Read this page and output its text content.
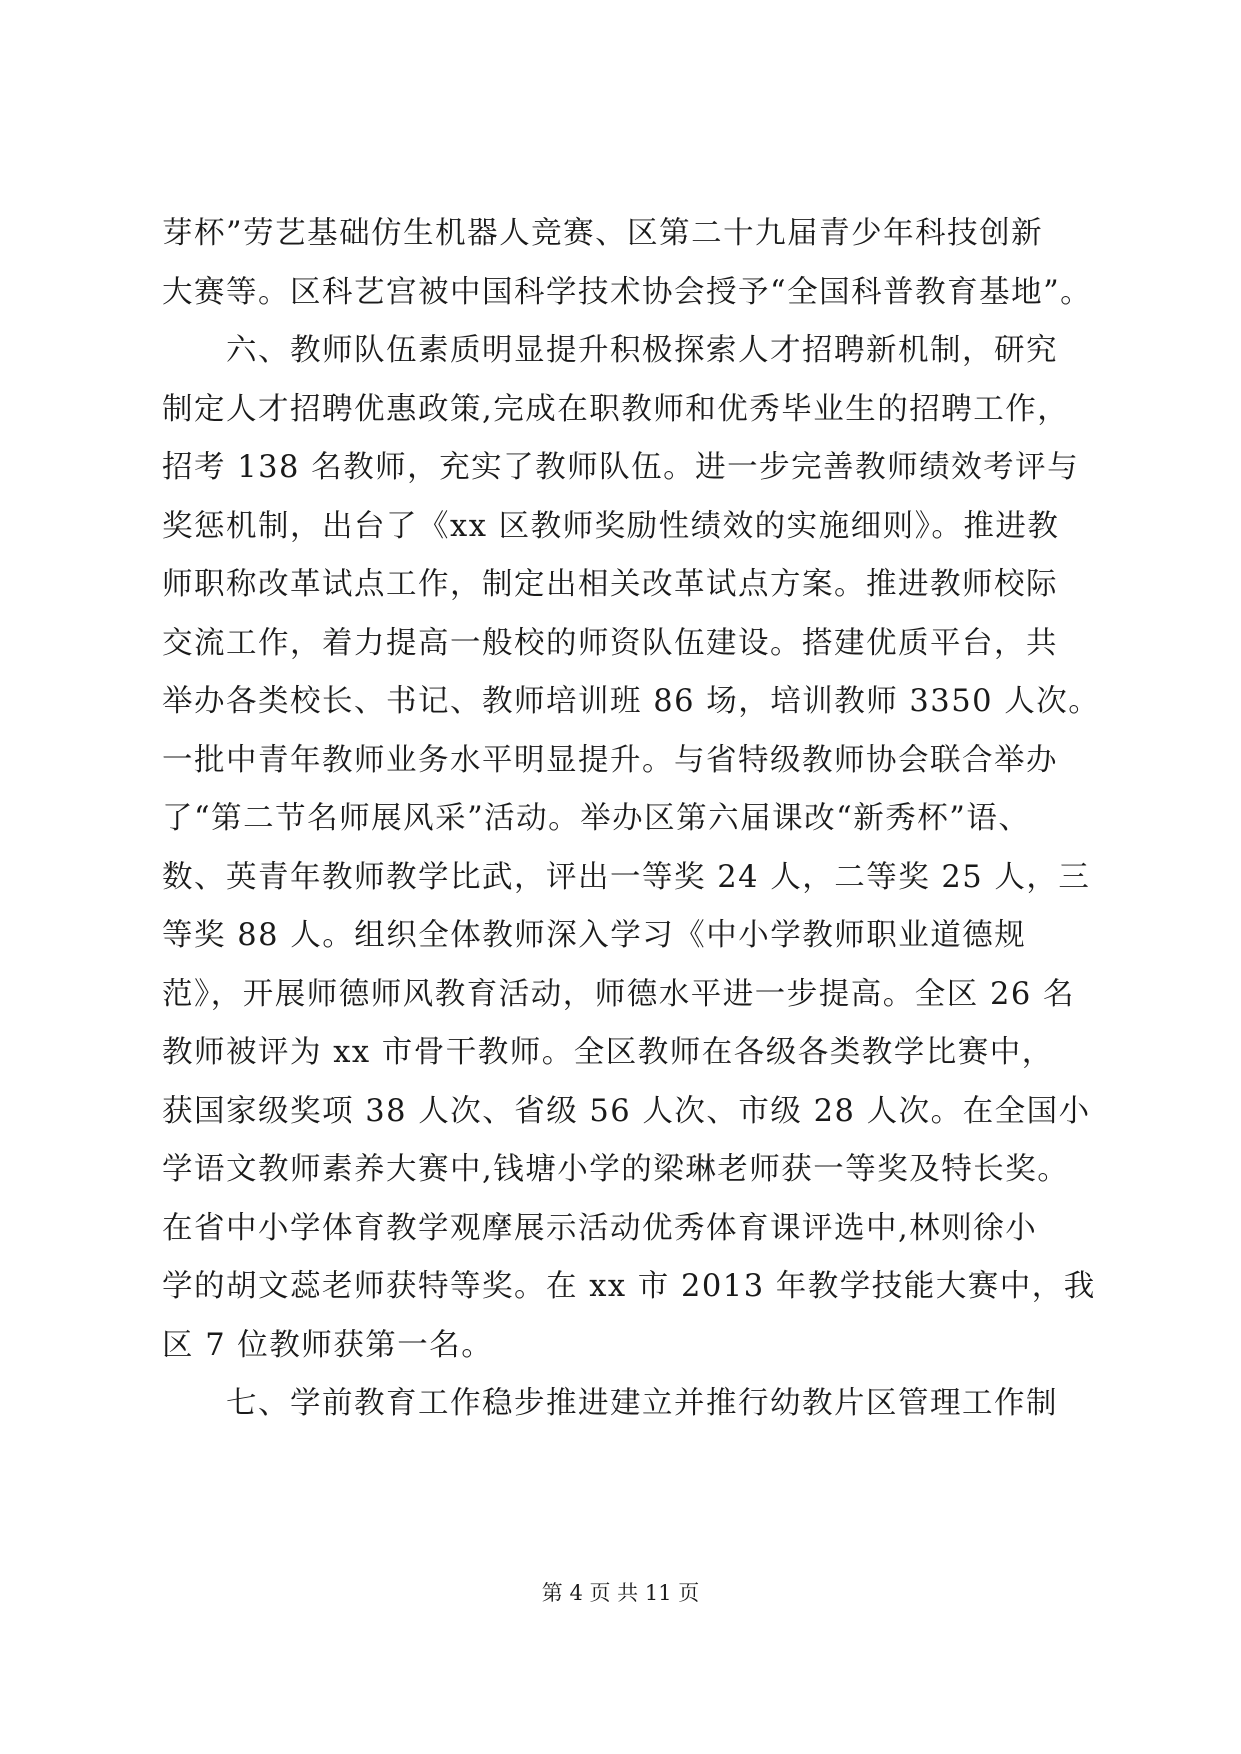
芽杯”劳艺基础仿生机器人竞赛、区第二十九届青少年科技创新
大赛等。区科艺宫被中国科学技术协会授予“全国科普教育基地”。
　　六、教师队伍素质明显提升积极探索人才招聘新机制，研究
制定人才招聘优惠政策,完成在职教师和优秀毕业生的招聘工作，
招考 138 名教师，充实了教师队伍。进一步完善教师绩效考评与
奖惩机制，出台了《xx 区教师奖励性绩效的实施细则》。推进教
师职称改革试点工作，制定出相关改革试点方案。推进教师校际
交流工作，着力提高一般校的师资队伍建设。搭建优质平台，共
举办各类校长、书记、教师培训班 86 场，培训教师 3350 人次。
一批中青年教师业务水平明显提升。与省特级教师协会联合举办
了“第二节名师展风采”活动。举办区第六届课改“新秀杯”语、
数、英青年教师教学比武，评出一等奖 24 人，二等奖 25 人，三
等奖 88 人。组织全体教师深入学习《中小学教师职业道德规
范》，开展师德师风教育活动，师德水平进一步提高。全区 26 名
教师被评为 xx 市骨干教师。全区教师在各级各类教学比赛中，
获国家级奖项 38 人次、省级 56 人次、市级 28 人次。在全国小
学语文教师素养大赛中,钱塘小学的梁琳老师获一等奖及特长奖。
在省中小学体育教学观摩展示活动优秀体育课评选中,林则徐小
学的胡文蕊老师获特等奖。在 xx 市 2013 年教学技能大赛中，我
区 7 位教师获第一名。
　　七、学前教育工作稳步推进建立并推行幼教片区管理工作制
第 4 页 共 11 页
